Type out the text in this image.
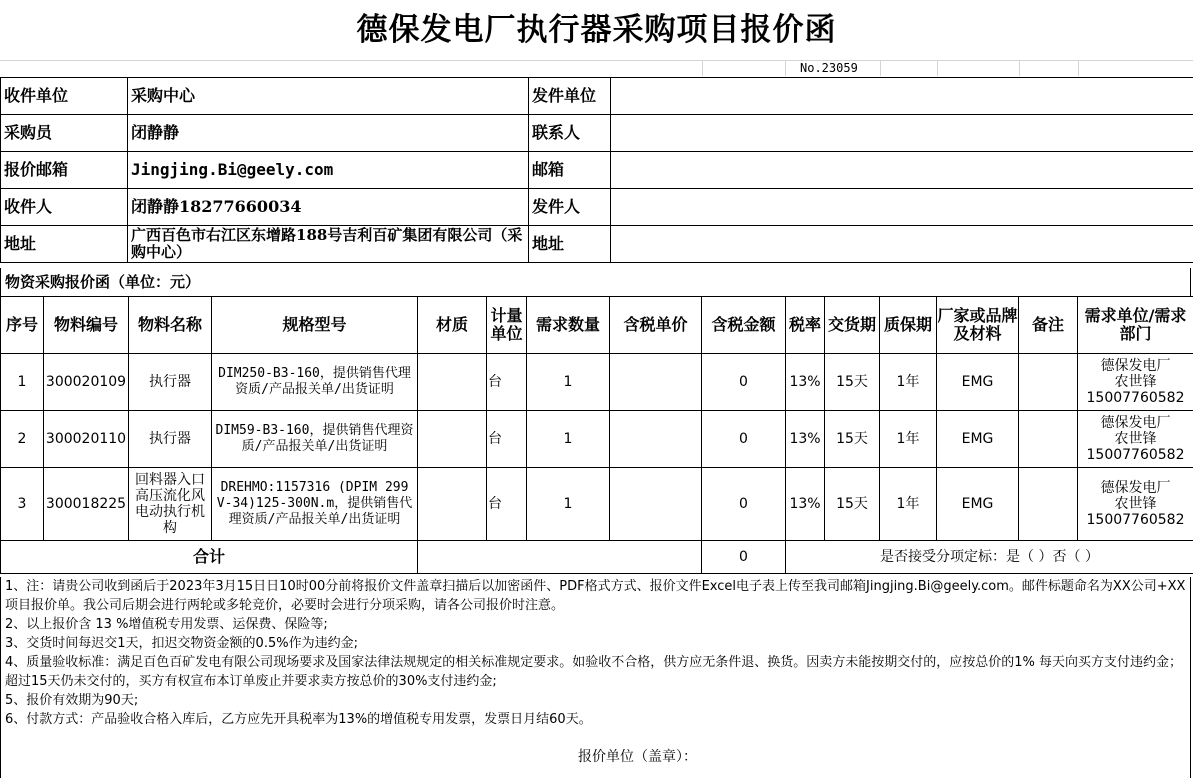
德保发电厂执行器采购项目报价函
No.23059
收件单位	采购中心	发件单位	
采购员	闭静静	联系人	
报价邮箱	Jingjing.Bi@geely.com	邮箱	
收件人	闭静静18277660034	发件人	
地址	广西百色市右江区东增路188号吉利百矿集团有限公司（采购中心）	地址	
物资采购报价函（单位：元）
序号	物料编号	物料名称	规格型号	材质	计量单位	需求数量	含税单价	含税金额	税率	交货期	质保期	厂家或品牌及材料	备注	需求单位/需求部门
1	300020109	执行器	DIM250-B3-160，提供销售代理资质/产品报关单/出货证明		台	1		0	13%	15天	1年	EMG		德保发电厂
农世锋
15007760582

2	300020110	执行器	DIM59-B3-160，提供销售代理资质/产品报关单/出货证明		台	1		0	13%	15天	1年	EMG		德保发电厂
农世锋
15007760582

3	300018225	回料器入口高压流化风电动执行机构	DREHMO:1157316 (DPIM 299 V-34)125-300N.m，提供销售代理资质/产品报关单/出货证明		台	1		0	13%	15天	1年	EMG		德保发电厂
农世锋
15007760582

合计								0	是否接受分项定标：是（ ）否（ ）					

1、注：请贵公司收到函后于2023年3月15日日10时00分前将报价文件盖章扫描后以加密函件、PDF格式方式、报价文件Excel电子表上传至我司邮箱Jingjing.Bi@geely.com。邮件标题命名为XX公司+XX项目报价单。我公司后期会进行两轮或多轮竞价，必要时会进行分项采购，请各公司报价时注意。

2、以上报价含 13 %增值税专用发票、运保费、保险等;

3、交货时间每迟交1天，扣迟交物资金额的0.5%作为违约金;

4、质量验收标准：满足百色百矿发电有限公司现场要求及国家法律法规规定的相关标准规定要求。如验收不合格，供方应无条件退、换货。因卖方未能按期交付的，应按总价的1% 每天向买方支付违约金；超过15天仍未交付的，买方有权宣布本订单废止并要求卖方按总价的30%支付违约金;

5、报价有效期为90天;

6、付款方式：产品验收合格入库后，乙方应先开具税率为13%的增值税专用发票，发票日月结60天。

报价单位（盖章）：
